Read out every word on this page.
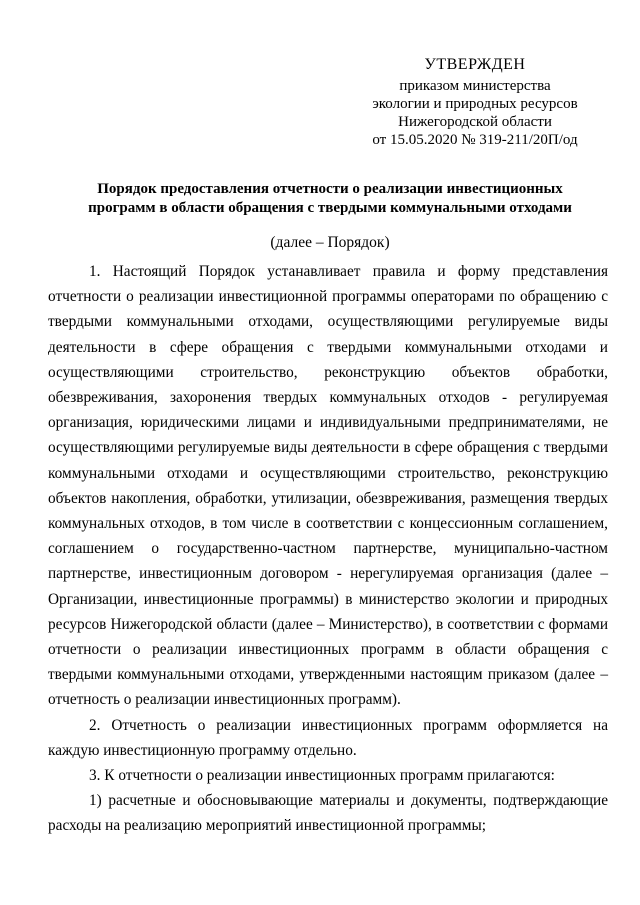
УТВЕРЖДЕН
приказом министерства
экологии и природных ресурсов
Нижегородской области
от 15.05.2020 № 319-211/20П/од
Порядок предоставления отчетности о реализации инвестиционных
программ в области обращения с твердыми коммунальными отходами
(далее – Порядок)

1. Настоящий Порядок устанавливает правила и форму представления отчетности о реализации инвестиционной программы операторами по обращению с твердыми коммунальными отходами, осуществляющими регулируемые виды деятельности в сфере обращения с твердыми коммунальными отходами и осуществляющими строительство, реконструкцию объектов обработки, обезвреживания, захоронения твердых коммунальных отходов - регулируемая организация, юридическими лицами и индивидуальными предпринимателями, не осуществляющими регулируемые виды деятельности в сфере обращения с твердыми коммунальными отходами и осуществляющими строительство, реконструкцию объектов накопления, обработки, утилизации, обезвреживания, размещения твердых коммунальных отходов, в том числе в соответствии с концессионным соглашением, соглашением о государственно-частном партнерстве, муниципально-частном партнерстве, инвестиционным договором - нерегулируемая организация (далее – Организации, инвестиционные программы) в министерство экологии и природных ресурсов Нижегородской области (далее – Министерство), в соответствии с формами отчетности о реализации инвестиционных программ в области обращения с твердыми коммунальными отходами, утвержденными настоящим приказом (далее – отчетность о реализации инвестиционных программ).

2. Отчетность о реализации инвестиционных программ оформляется на каждую инвестиционную программу отдельно.

3. К отчетности о реализации инвестиционных программ прилагаются:

1) расчетные и обосновывающие материалы и документы, подтверждающие расходы на реализацию мероприятий инвестиционной программы;
